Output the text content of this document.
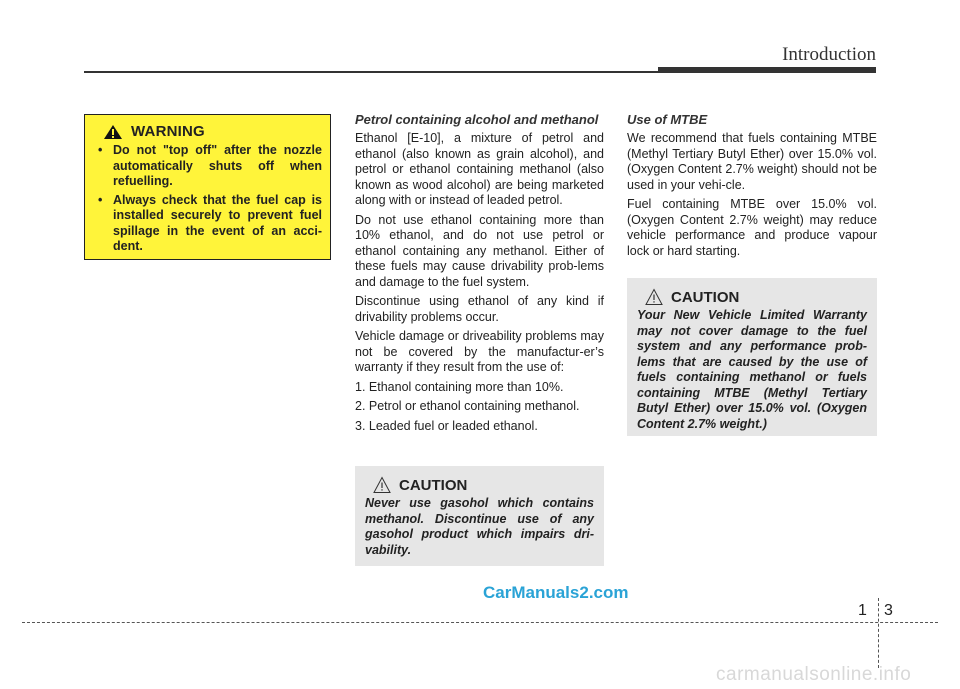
Introduction
WARNING
• Do not "top off" after the nozzle automatically shuts off when refuelling.
• Always check that the fuel cap is installed securely to prevent fuel spillage in the event of an acci-dent.
Petrol containing alcohol and methanol

Ethanol [E-10], a mixture of petrol and ethanol (also known as grain alcohol), and petrol or ethanol containing methanol (also known as wood alcohol) are being marketed along with or instead of leaded petrol.

Do not use ethanol containing more than 10% ethanol, and do not use petrol or ethanol containing any methanol. Either of these fuels may cause drivability prob-lems and damage to the fuel system.

Discontinue using ethanol of any kind if drivability problems occur.

Vehicle damage or driveability problems may not be covered by the manufactur-er’s warranty if they result from the use of:

1. Ethanol containing more than 10%.

2. Petrol or ethanol containing methanol.

3. Leaded fuel or leaded ethanol.

CAUTION

Never use gasohol which contains methanol. Discontinue use of any gasohol product which impairs dri-vability.

Use of MTBE

We recommend that fuels containing MTBE (Methyl Tertiary Butyl Ether) over 15.0% vol. (Oxygen Content 2.7% weight) should not be used in your vehi-cle.

Fuel containing MTBE over 15.0% vol. (Oxygen Content 2.7% weight) may reduce vehicle performance and produce vapour lock or hard starting.

CAUTION

Your New Vehicle Limited Warranty may not cover damage to the fuel system and any performance prob-lems that are caused by the use of fuels containing methanol or fuels containing MTBE (Methyl Tertiary Butyl Ether) over 15.0% vol. (Oxygen Content 2.7% weight.)

CarManuals2.com
1 3
carmanualsonline.info
